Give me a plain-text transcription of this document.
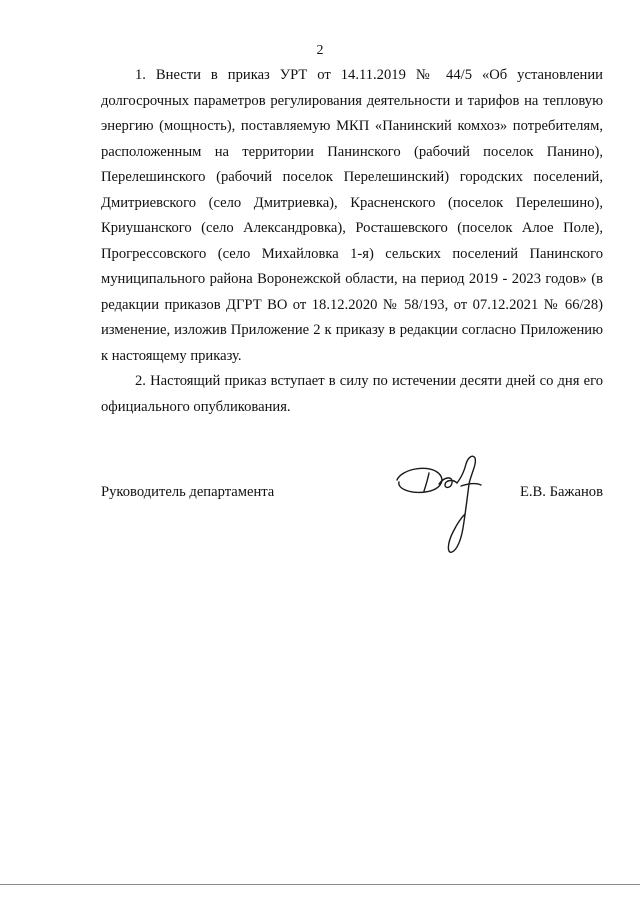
2

1. Внести в приказ УРТ от 14.11.2019 № 44/5 «Об установлении долгосрочных параметров регулирования деятельности и тарифов на тепловую энергию (мощность), поставляемую МКП «Панинский комхоз» потребителям, расположенным на территории Панинского (рабочий поселок Панино), Перелешинского (рабочий поселок Перелешинский) городских поселений, Дмитриевского (село Дмитриевка), Красненского (поселок Перелешино), Криушанского (село Александровка), Росташевского (поселок Алое Поле), Прогрессовского (село Михайловка 1-я) сельских поселений Панинского муниципального района Воронежской области, на период 2019 - 2023 годов» (в редакции приказов ДГРТ ВО от 18.12.2020 № 58/193, от 07.12.2021 № 66/28) изменение, изложив Приложение 2 к приказу в редакции согласно Приложению к настоящему приказу.

2. Настоящий приказ вступает в силу по истечении десяти дней со дня его официального опубликования.

Руководитель департамента	Е.В. Бажанов
